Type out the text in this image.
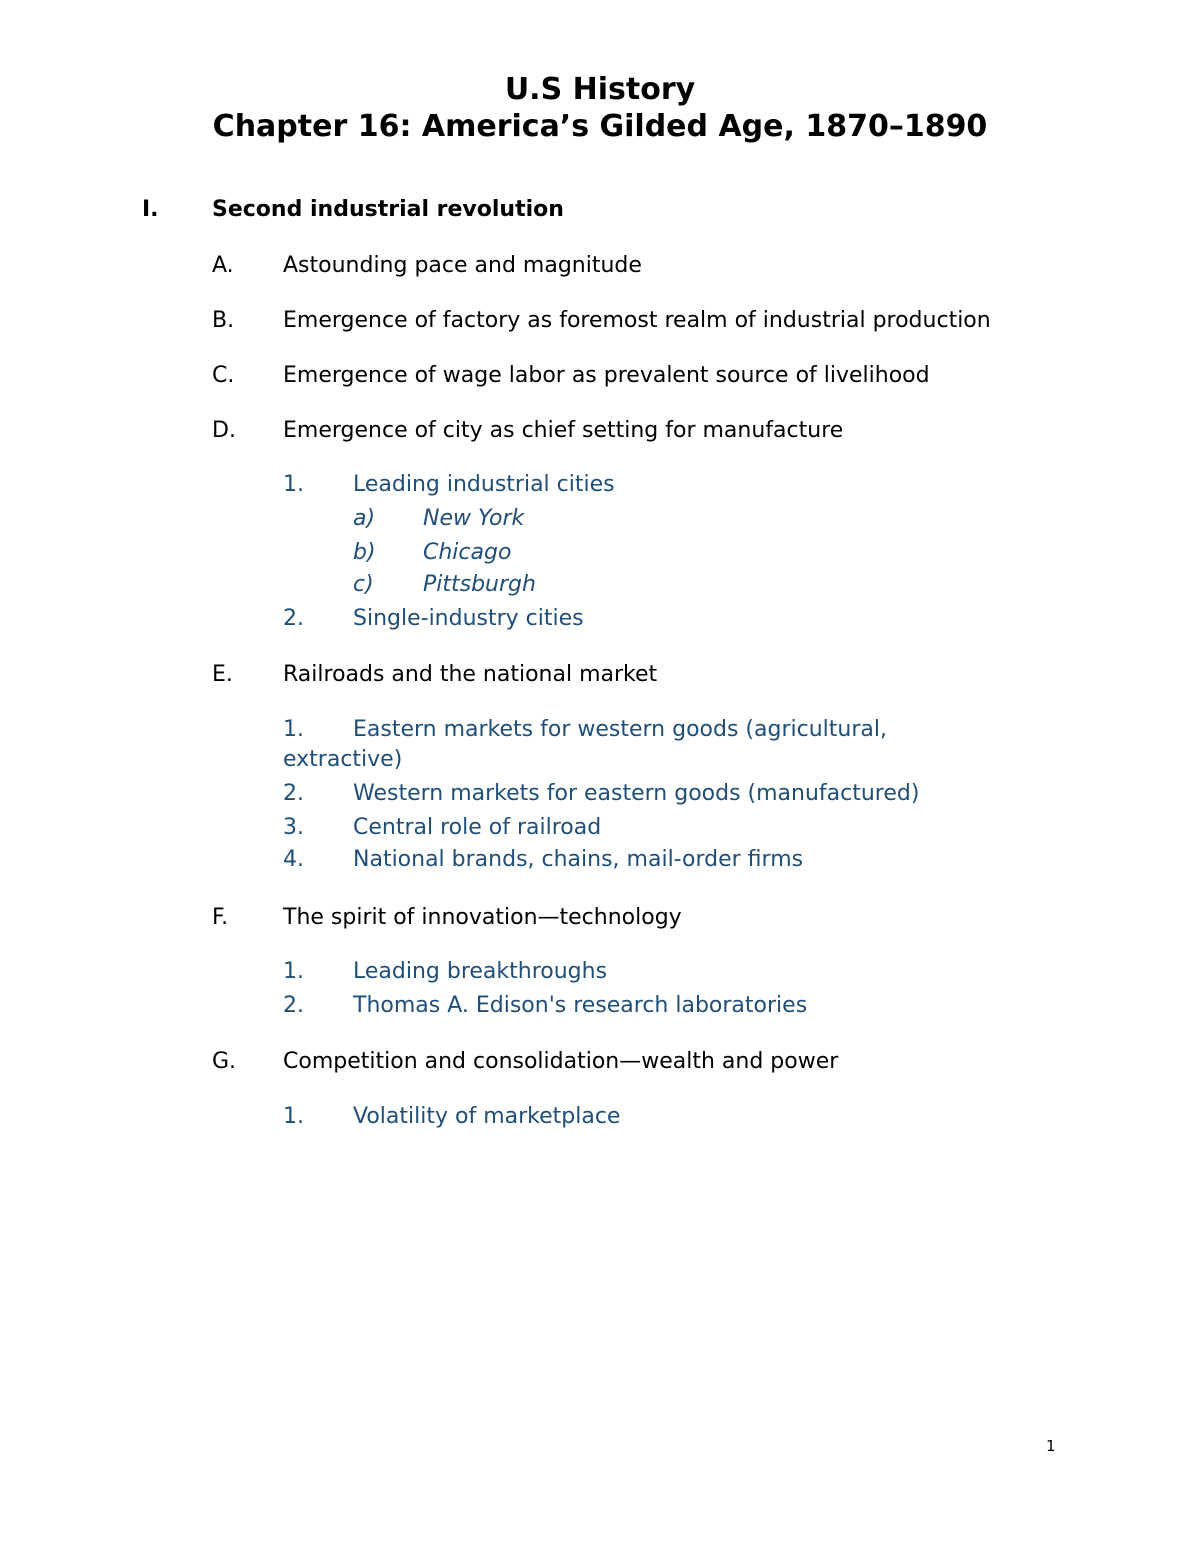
U.S History
Chapter 16: America’s Gilded Age, 1870–1890
I. Second industrial revolution
A. Astounding pace and magnitude
B. Emergence of factory as foremost realm of industrial production
C. Emergence of wage labor as prevalent source of livelihood
D. Emergence of city as chief setting for manufacture
1. Leading industrial cities
a) New York
b) Chicago
c) Pittsburgh
2. Single-industry cities
E. Railroads and the national market
1. Eastern markets for western goods (agricultural,
extractive)
2. Western markets for eastern goods (manufactured)
3. Central role of railroad
4. National brands, chains, mail-order firms
F. The spirit of innovation—technology
1. Leading breakthroughs
2. Thomas A. Edison's research laboratories
G. Competition and consolidation—wealth and power
1. Volatility of marketplace
1
